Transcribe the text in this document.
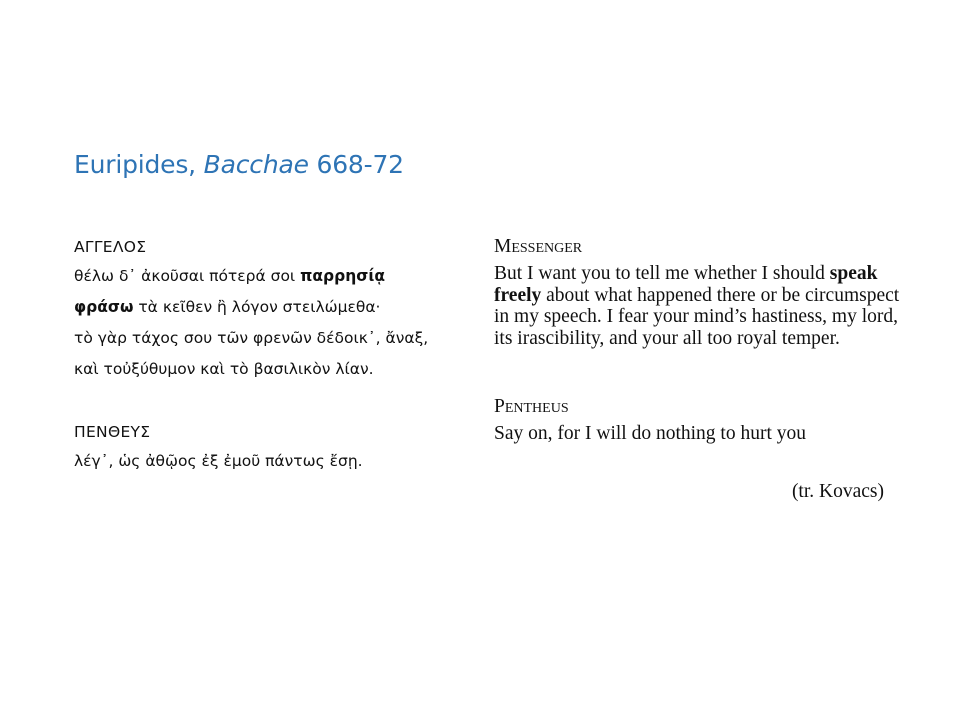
Euripides, Bacchae 668-72

ΑΓΓΕΛΟΣ

θέλω δ᾽ ἀκοῦσαι πότερά σοι παρρησίᾳ

φράσω τὰ κεῖθεν ἢ λόγον στειλώμεθα·

τὸ γὰρ τάχος σου τῶν φρενῶν δέδοικ᾽, ἄναξ,

καὶ τοὐξύθυμον καὶ τὸ βασιλικὸν λίαν.

ΠΕΝΘΕΥΣ

λέγ᾽, ὡς ἀθῷος ἐξ ἐμοῦ πάντως ἔσῃ.

Messenger

But I want you to tell me whether I should speak freely about what happened there or be circumspect in my speech. I fear your mind’s hastiness, my lord, its irascibility, and your all too royal temper.

Pentheus

Say on, for I will do nothing to hurt you

(tr. Kovacs)
